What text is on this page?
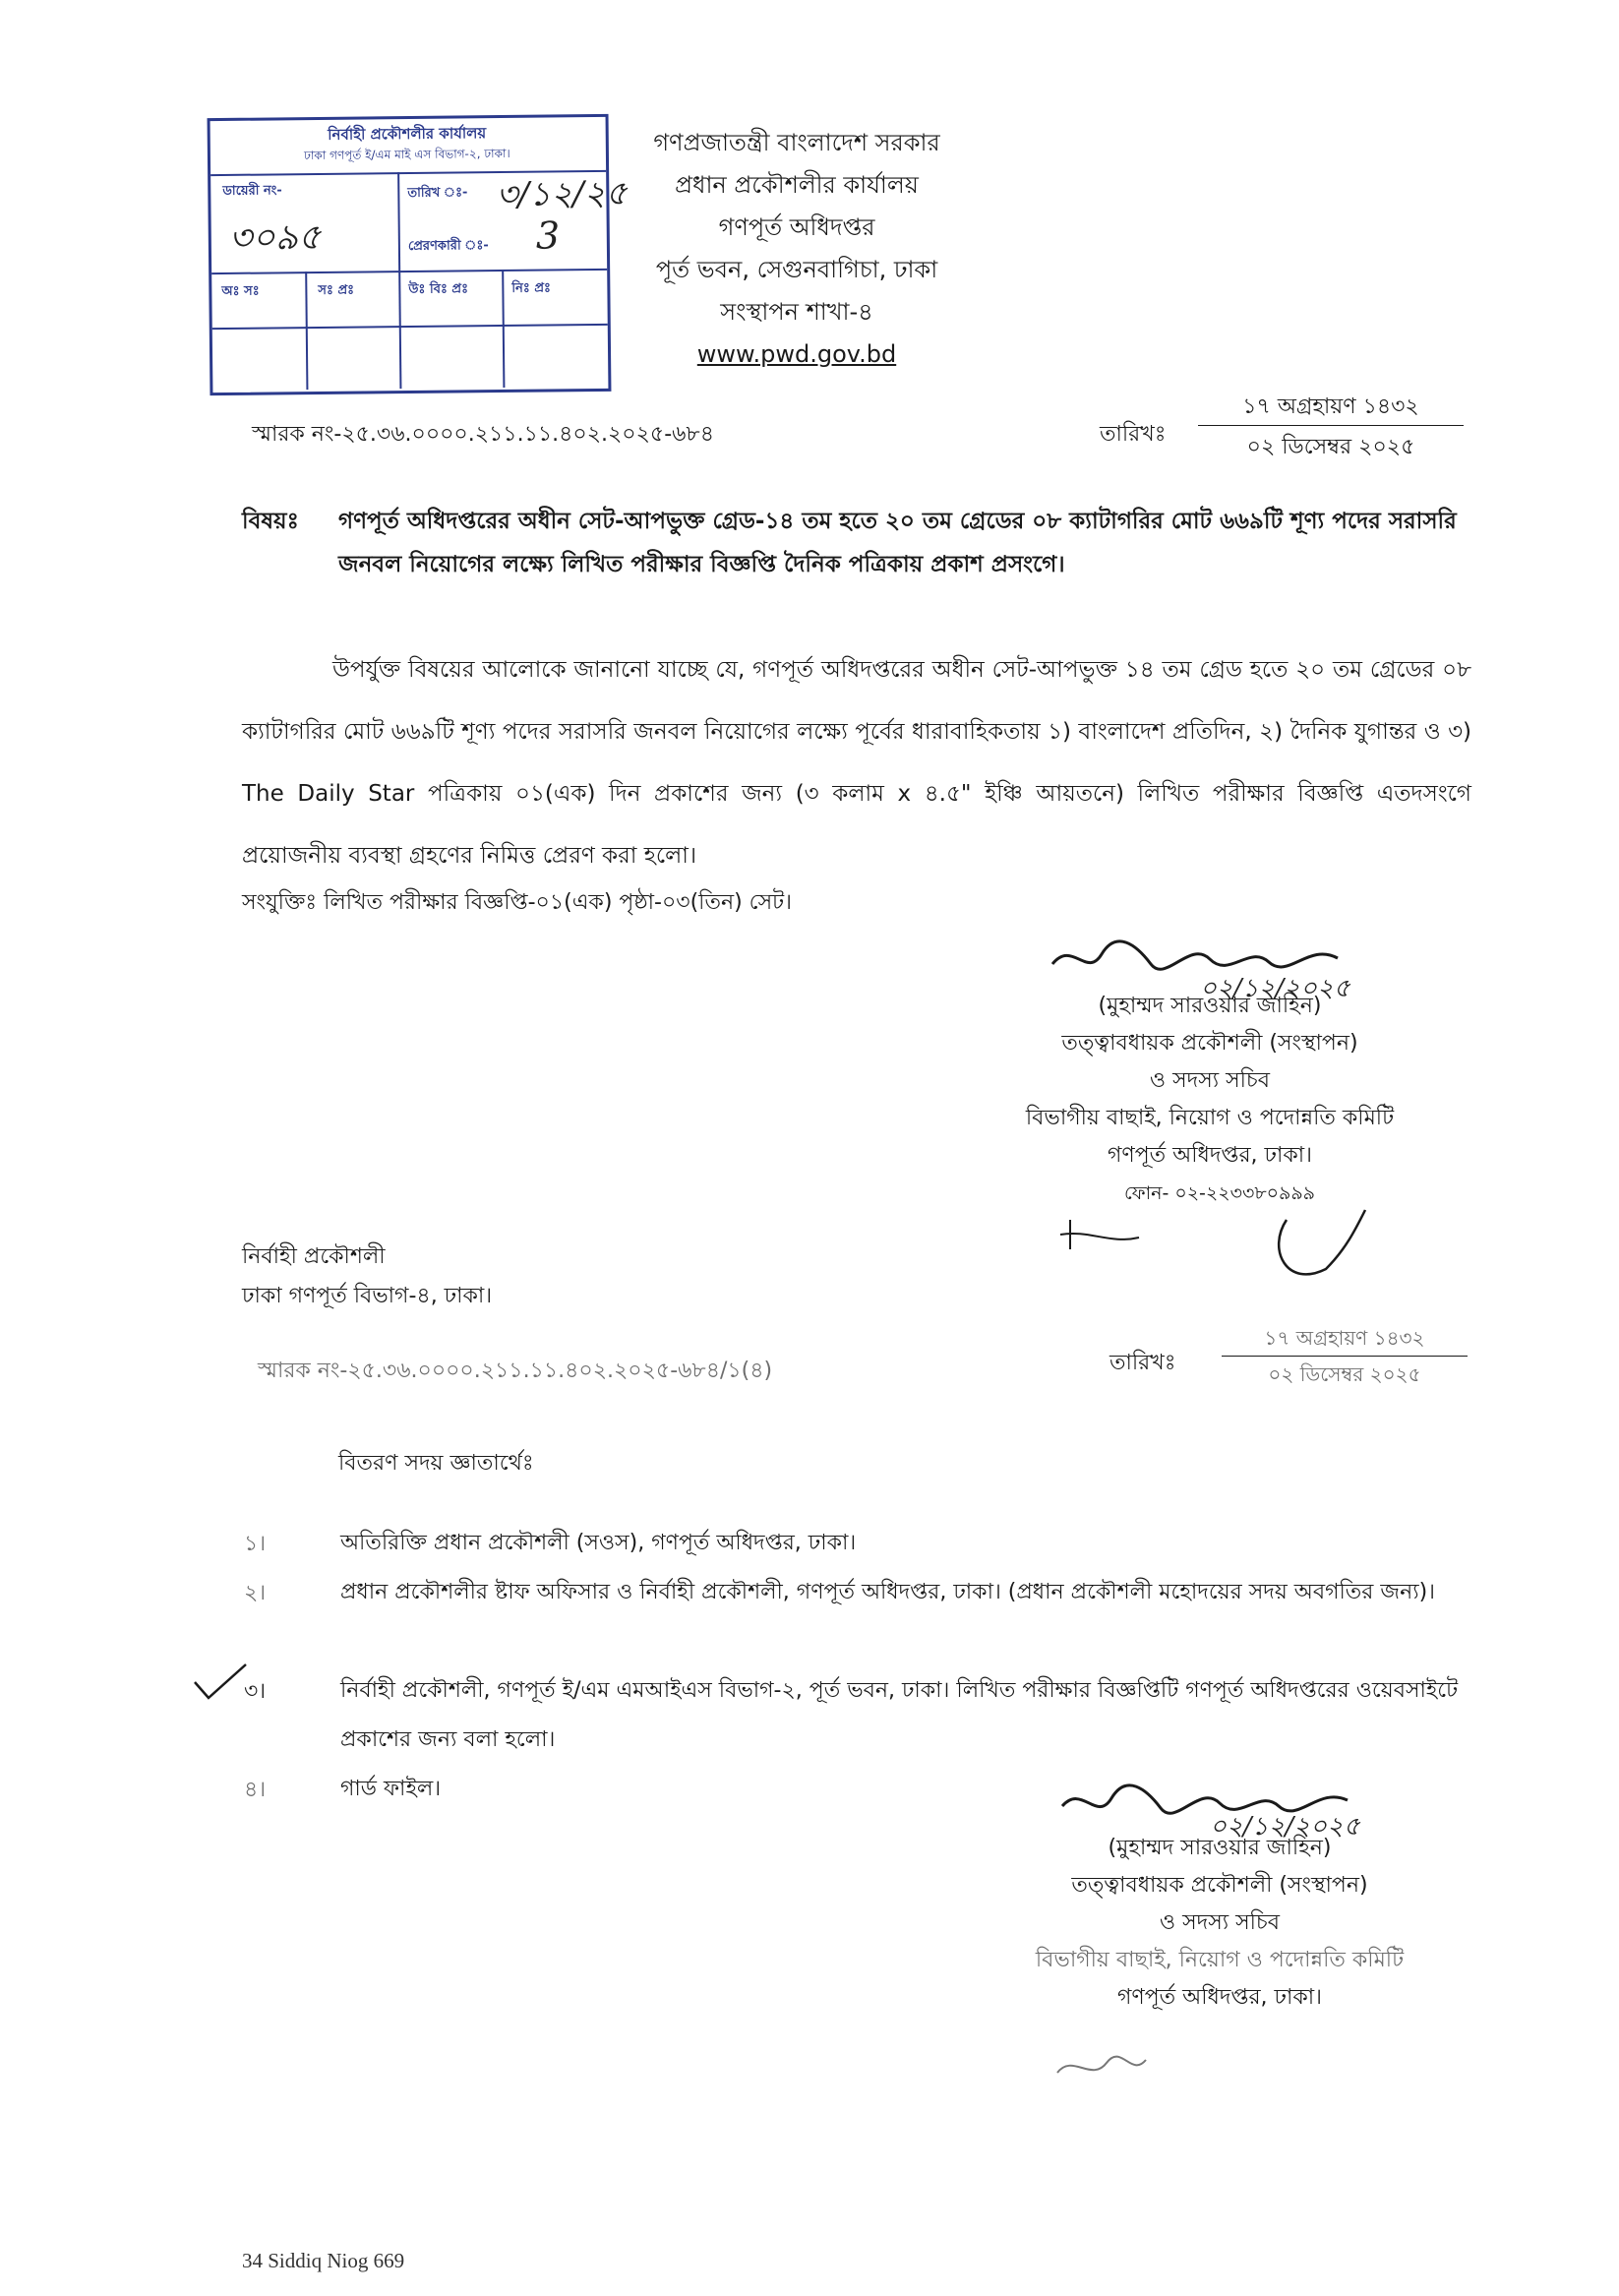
নির্বাহী প্রকৌশলীর কার্যালয়
ঢাকা গণপূর্ত ই/এম মাই এস বিভাগ-২, ঢাকা।
ডায়েরী নং-
৩০৯৫
তারিখ ঃ- ৩/১২/২৫
প্রেরণকারী ঃ- 3
অঃ সঃ	সঃ প্রঃ	উঃ বিঃ প্রঃ	নিঃ প্রঃ
গণপ্রজাতন্ত্রী বাংলাদেশ সরকার
প্রধান প্রকৌশলীর কার্যালয়
গণপূর্ত অধিদপ্তর
পূর্ত ভবন, সেগুনবাগিচা, ঢাকা
সংস্থাপন শাখা-৪
www.pwd.gov.bd
স্মারক নং-২৫.৩৬.০০০০.২১১.১১.৪০২.২০২৫-৬৮৪	তারিখঃ
১৭ অগ্রহায়ণ ১৪৩২
০২ ডিসেম্বর ২০২৫
বিষয়ঃ গণপূর্ত অধিদপ্তরের অধীন সেট-আপভুক্ত গ্রেড-১৪ তম হতে ২০ তম গ্রেডের ০৮ ক্যাটাগরির মোট ৬৬৯টি শূণ্য পদের সরাসরি জনবল নিয়োগের লক্ষ্যে লিখিত পরীক্ষার বিজ্ঞপ্তি দৈনিক পত্রিকায় প্রকাশ প্রসংগে।
উপর্যুক্ত বিষয়ের আলোকে জানানো যাচ্ছে যে, গণপূর্ত অধিদপ্তরের অধীন সেট-আপভুক্ত ১৪ তম গ্রেড হতে ২০ তম গ্রেডের ০৮ ক্যাটাগরির মোট ৬৬৯টি শূণ্য পদের সরাসরি জনবল নিয়োগের লক্ষ্যে পূর্বের ধারাবাহিকতায় ১) বাংলাদেশ প্রতিদিন, ২) দৈনিক যুগান্তর ও ৩) The Daily Star পত্রিকায় ০১(এক) দিন প্রকাশের জন্য (৩ কলাম x ৪.৫" ইঞ্চি আয়তনে) লিখিত পরীক্ষার বিজ্ঞপ্তি এতদসংগে প্রয়োজনীয় ব্যবস্থা গ্রহণের নিমিত্ত প্রেরণ করা হলো।
সংযুক্তিঃ লিখিত পরীক্ষার বিজ্ঞপ্তি-০১(এক) পৃষ্ঠা-০৩(তিন) সেট।
০২/১২/২০২৫
(মুহাম্মদ সারওয়ার জাহিন)
তত্ত্বাবধায়ক প্রকৌশলী (সংস্থাপন)
ও সদস্য সচিব
বিভাগীয় বাছাই, নিয়োগ ও পদোন্নতি কমিটি
গণপূর্ত অধিদপ্তর, ঢাকা।
ফোন- ০২-২২৩৩৮০৯৯৯
নির্বাহী প্রকৌশলী
ঢাকা গণপূর্ত বিভাগ-৪, ঢাকা।
স্মারক নং-২৫.৩৬.০০০০.২১১.১১.৪০২.২০২৫-৬৮৪/১(৪)	তারিখঃ
১৭ অগ্রহায়ণ ১৪৩২
০২ ডিসেম্বর ২০২৫
বিতরণ সদয় জ্ঞাতার্থেঃ
১।	অতিরিক্তি প্রধান প্রকৌশলী (সওস), গণপূর্ত অধিদপ্তর, ঢাকা।
২।	প্রধান প্রকৌশলীর ষ্টাফ অফিসার ও নির্বাহী প্রকৌশলী, গণপূর্ত অধিদপ্তর, ঢাকা। (প্রধান প্রকৌশলী মহোদয়ের সদয় অবগতির জন্য)।
৩।	নির্বাহী প্রকৌশলী, গণপূর্ত ই/এম এমআইএস বিভাগ-২, পূর্ত ভবন, ঢাকা। লিখিত পরীক্ষার বিজ্ঞপ্তিটি গণপূর্ত অধিদপ্তরের ওয়েবসাইটে প্রকাশের জন্য বলা হলো।
৪।	গার্ড ফাইল।
০২/১২/২০২৫
(মুহাম্মদ সারওয়ার জাহিন)
তত্ত্বাবধায়ক প্রকৌশলী (সংস্থাপন)
ও সদস্য সচিব
বিভাগীয় বাছাই, নিয়োগ ও পদোন্নতি কমিটি
গণপূর্ত অধিদপ্তর, ঢাকা।
34 Siddiq Niog 669
